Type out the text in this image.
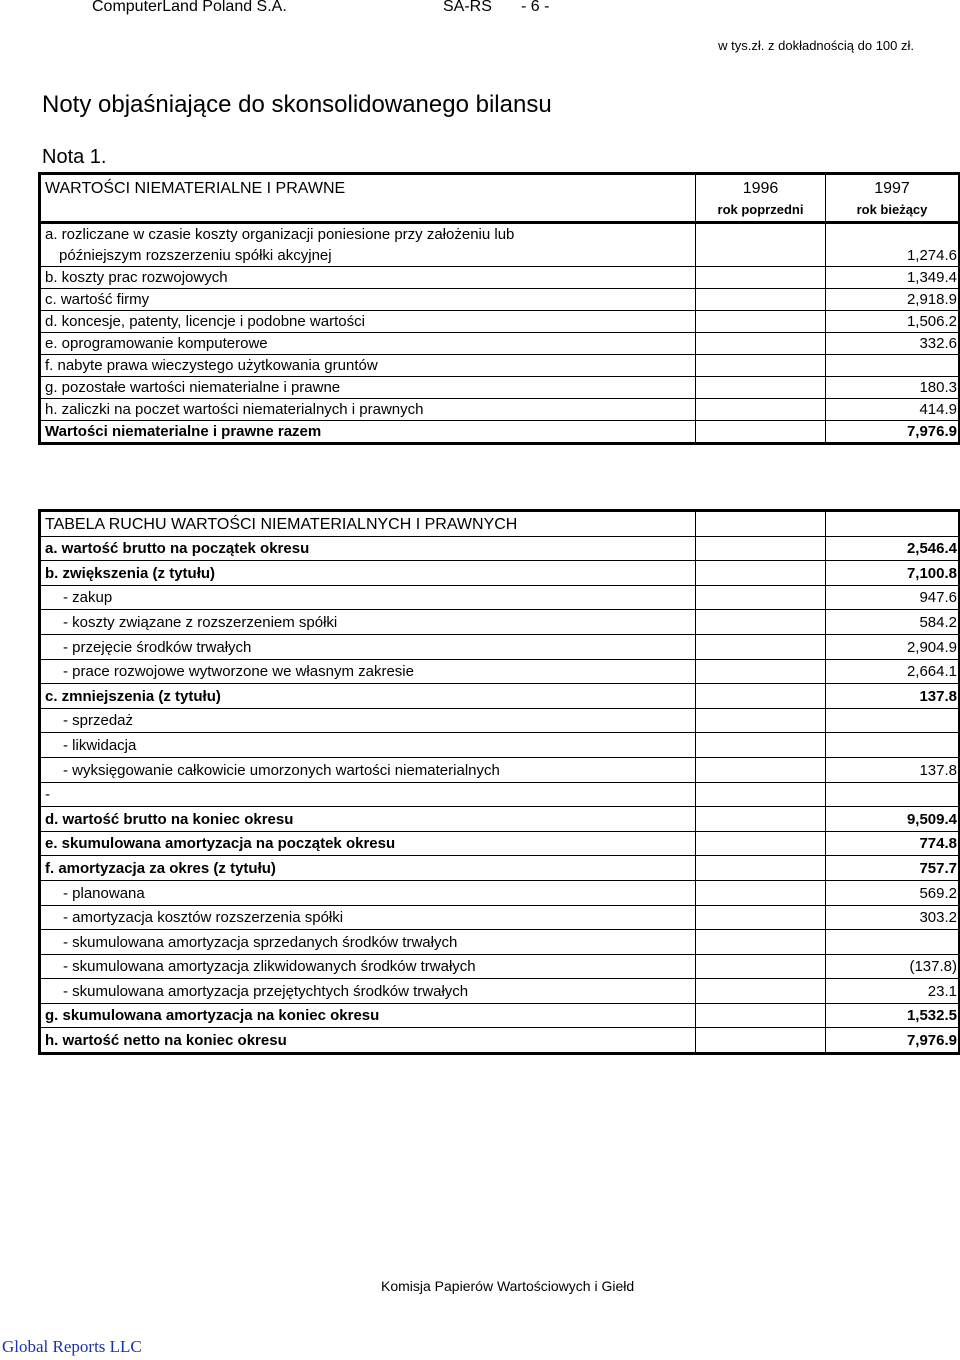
ComputerLand Poland S.A.	SA-RS - 6 -
w tys.zł. z dokładnością do 100 zł.
Noty objaśniające do skonsolidowanego bilansu
Nota 1.
WARTOŚCI NIEMATERIALNE I PRAWNE	1996	1997
	rok poprzedni	rok bieżący
a. rozliczane w czasie koszty organizacji poniesione przy założeniu lub		
późniejszym rozszerzeniu spółki akcyjnej		1,274.6
b. koszty prac rozwojowych		1,349.4
c. wartość firmy		2,918.9
d. koncesje, patenty, licencje i podobne wartości		1,506.2
e. oprogramowanie komputerowe		332.6
f. nabyte prawa wieczystego użytkowania gruntów		
g. pozostałe wartości niematerialne i prawne		180.3
h. zaliczki na poczet wartości niematerialnych i prawnych		414.9
Wartości niematerialne i prawne razem		7,976.9
TABELA RUCHU WARTOŚCI NIEMATERIALNYCH I PRAWNYCH		
a. wartość brutto na początek okresu		2,546.4
b. zwiększenia (z tytułu)		7,100.8
- zakup		947.6
- koszty związane z rozszerzeniem spółki		584.2
- przejęcie środków trwałych		2,904.9
- prace rozwojowe wytworzone we własnym zakresie		2,664.1
c. zmniejszenia (z tytułu)		137.8
- sprzedaż		
- likwidacja		
- wyksięgowanie całkowicie umorzonych wartości niematerialnych		137.8
-		
d. wartość brutto na koniec okresu		9,509.4
e. skumulowana amortyzacja na początek okresu		774.8
f. amortyzacja za okres (z tytułu)		757.7
- planowana		569.2
- amortyzacja kosztów rozszerzenia spółki		303.2
- skumulowana amortyzacja sprzedanych środków trwałych		
- skumulowana amortyzacja zlikwidowanych środków trwałych		(137.8)
- skumulowana amortyzacja przejętychtych środków trwałych		23.1
g. skumulowana amortyzacja na koniec okresu		1,532.5
h. wartość netto na koniec okresu		7,976.9
Komisja Papierów Wartościowych i Giełd
Global Reports LLC
